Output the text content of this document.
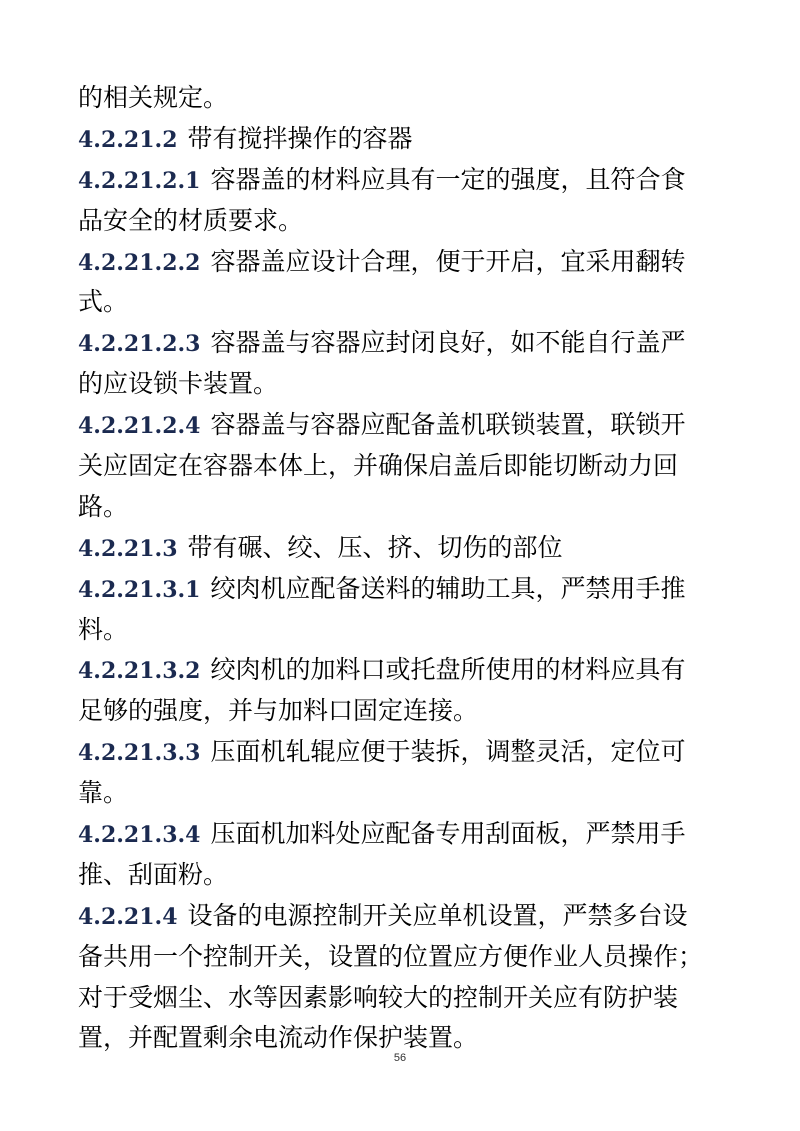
的相关规定。
4.2.21.2 带有搅拌操作的容器
4.2.21.2.1 容器盖的材料应具有一定的强度，且符合食
品安全的材质要求。
4.2.21.2.2 容器盖应设计合理，便于开启，宜采用翻转
式。
4.2.21.2.3 容器盖与容器应封闭良好，如不能自行盖严
的应设锁卡装置。
4.2.21.2.4 容器盖与容器应配备盖机联锁装置，联锁开
关应固定在容器本体上，并确保启盖后即能切断动力回
路。
4.2.21.3 带有碾、绞、压、挤、切伤的部位
4.2.21.3.1 绞肉机应配备送料的辅助工具，严禁用手推
料。
4.2.21.3.2 绞肉机的加料口或托盘所使用的材料应具有
足够的强度，并与加料口固定连接。
4.2.21.3.3 压面机轧辊应便于装拆，调整灵活，定位可
靠。
4.2.21.3.4 压面机加料处应配备专用刮面板，严禁用手
推、刮面粉。
4.2.21.4 设备的电源控制开关应单机设置，严禁多台设
备共用一个控制开关，设置的位置应方便作业人员操作；
对于受烟尘、水等因素影响较大的控制开关应有防护装
置，并配置剩余电流动作保护装置。
56
